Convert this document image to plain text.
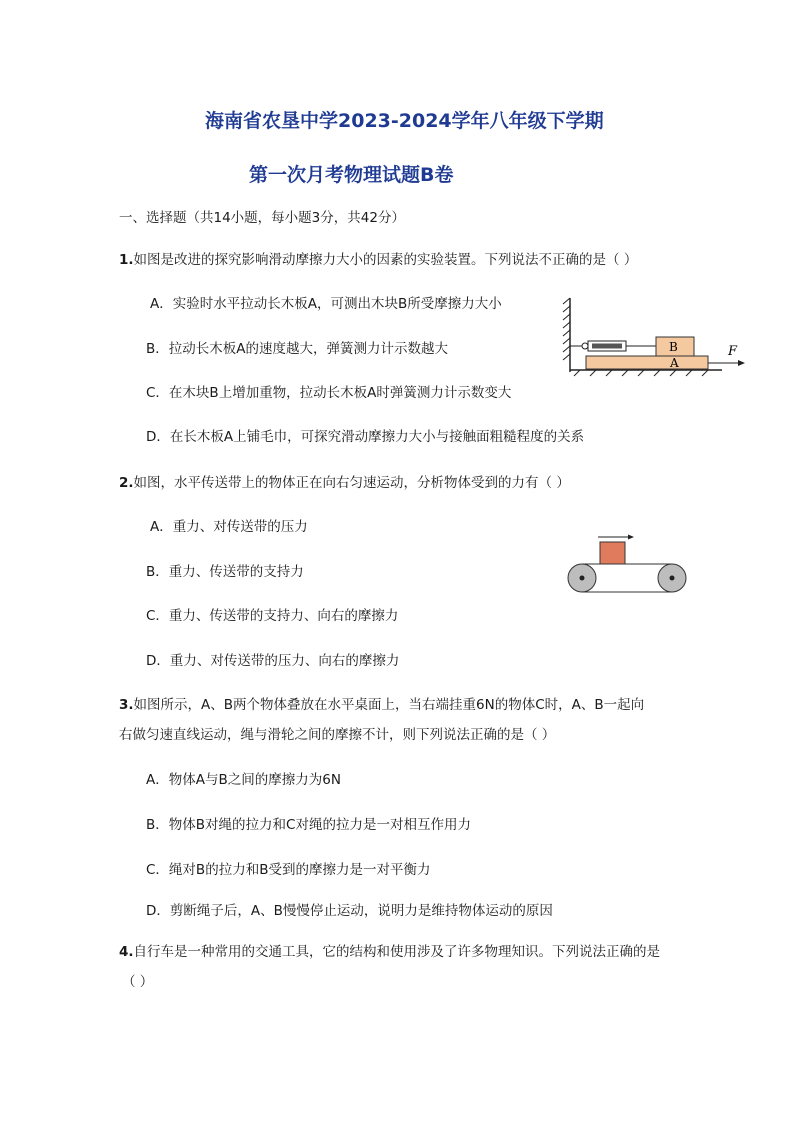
海南省农垦中学2023-2024学年八年级下学期
第一次月考物理试题B卷
一、选择题（共14小题，每小题3分，共42分）
1.如图是改进的探究影响滑动摩擦力大小的因素的实验装置。下列说法不正确的是（ ）
A．实验时水平拉动长木板A，可测出木块B所受摩擦力大小
B．拉动长木板A的速度越大，弹簧测力计示数越大
C．在木块B上增加重物，拉动长木板A时弹簧测力计示数变大
D．在长木板A上铺毛巾，可探究滑动摩擦力大小与接触面粗糙程度的关系
B
A
F
2.如图，水平传送带上的物体正在向右匀速运动，分析物体受到的力有（ ）
A．重力、对传送带的压力
B．重力、传送带的支持力
C．重力、传送带的支持力、向右的摩擦力
D．重力、对传送带的压力、向右的摩擦力
3.如图所示，A、B两个物体叠放在水平桌面上，当右端挂重6N的物体C时，A、B一起向
右做匀速直线运动，绳与滑轮之间的摩擦不计，则下列说法正确的是（ ）
A．物体A与B之间的摩擦力为6N
B．物体B对绳的拉力和C对绳的拉力是一对相互作用力
C．绳对B的拉力和B受到的摩擦力是一对平衡力
D．剪断绳子后，A、B慢慢停止运动，说明力是维持物体运动的原因
4.自行车是一种常用的交通工具，它的结构和使用涉及了许多物理知识。下列说法正确的是
（ ）
